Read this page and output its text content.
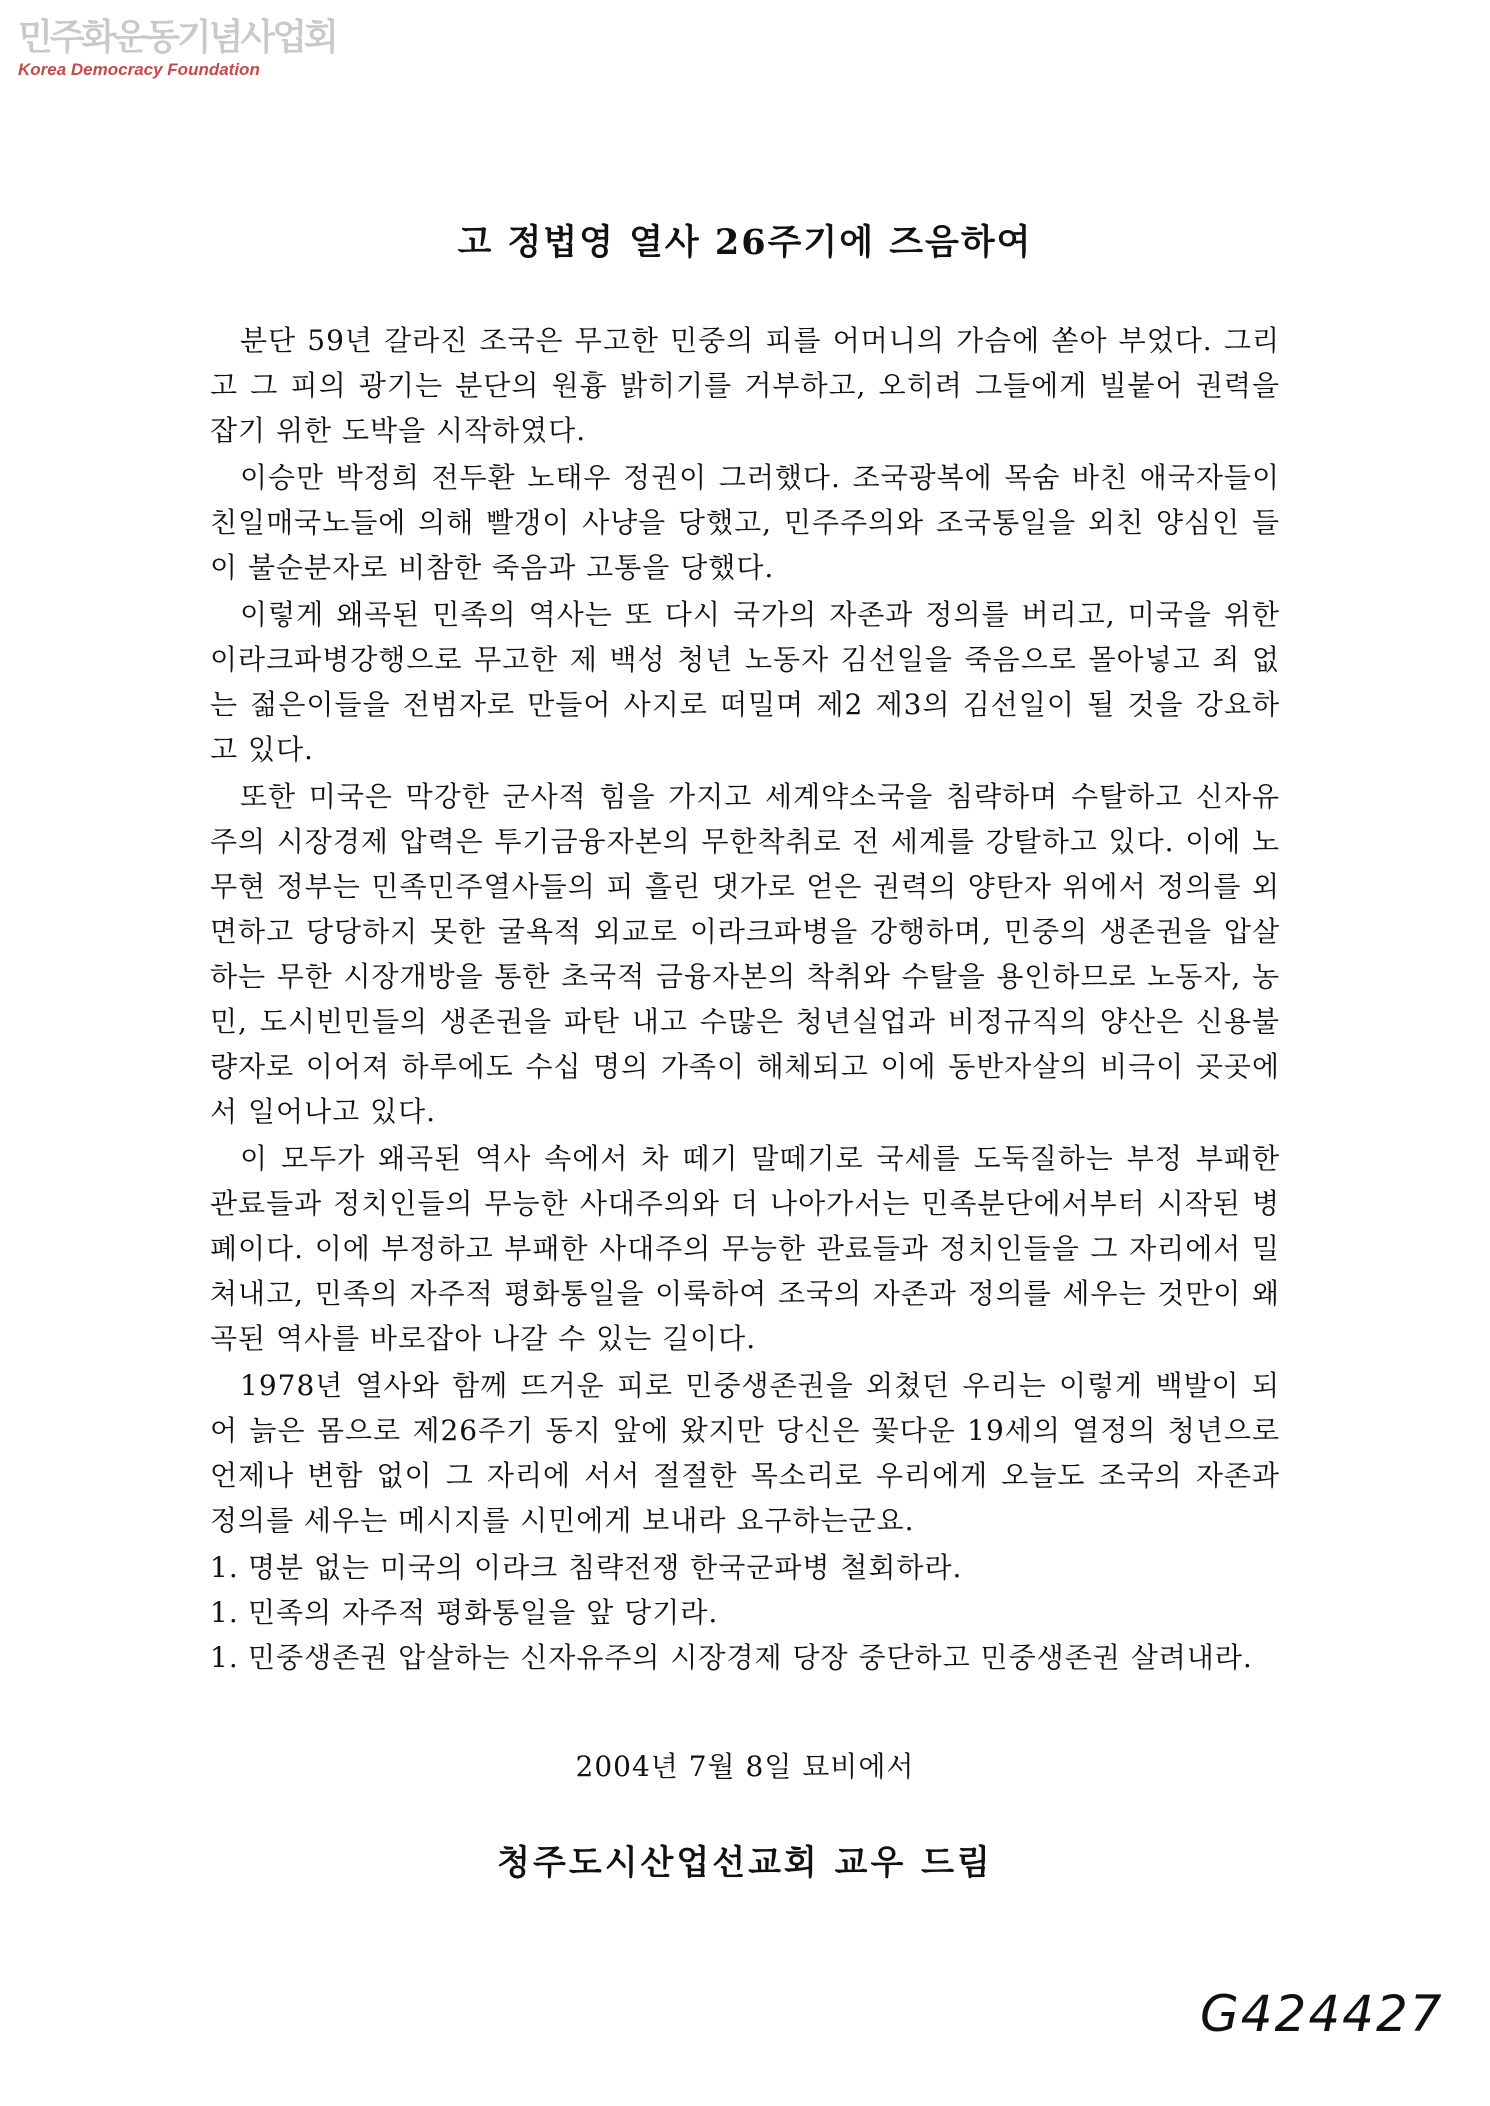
민주화운동기념사업회
Korea Democracy Foundation
고 정법영 열사 26주기에 즈음하여

분단 59년 갈라진 조국은 무고한 민중의 피를 어머니의 가슴에 쏟아 부었다. 그리고 그 피의 광기는 분단의 원흉 밝히기를 거부하고, 오히려 그들에게 빌붙어 권력을 잡기 위한 도박을 시작하였다.

이승만 박정희 전두환 노태우 정권이 그러했다. 조국광복에 목숨 바친 애국자들이 친일매국노들에 의해 빨갱이 사냥을 당했고, 민주주의와 조국통일을 외친 양심인 들이 불순분자로 비참한 죽음과 고통을 당했다.

이렇게 왜곡된 민족의 역사는 또 다시 국가의 자존과 정의를 버리고, 미국을 위한 이라크파병강행으로 무고한 제 백성 청년 노동자 김선일을 죽음으로 몰아넣고 죄 없는 젊은이들을 전범자로 만들어 사지로 떠밀며 제2 제3의 김선일이 될 것을 강요하고 있다.

또한 미국은 막강한 군사적 힘을 가지고 세계약소국을 침략하며 수탈하고 신자유주의 시장경제 압력은 투기금융자본의 무한착취로 전 세계를 강탈하고 있다. 이에 노무현 정부는 민족민주열사들의 피 흘린 댓가로 얻은 권력의 양탄자 위에서 정의를 외면하고 당당하지 못한 굴욕적 외교로 이라크파병을 강행하며, 민중의 생존권을 압살하는 무한 시장개방을 통한 초국적 금융자본의 착취와 수탈을 용인하므로 노동자, 농민, 도시빈민들의 생존권을 파탄 내고 수많은 청년실업과 비정규직의 양산은 신용불량자로 이어져 하루에도 수십 명의 가족이 해체되고 이에 동반자살의 비극이 곳곳에서 일어나고 있다.

이 모두가 왜곡된 역사 속에서 차 떼기 말떼기로 국세를 도둑질하는 부정 부패한 관료들과 정치인들의 무능한 사대주의와 더 나아가서는 민족분단에서부터 시작된 병폐이다. 이에 부정하고 부패한 사대주의 무능한 관료들과 정치인들을 그 자리에서 밀쳐내고, 민족의 자주적 평화통일을 이룩하여 조국의 자존과 정의를 세우는 것만이 왜곡된 역사를 바로잡아 나갈 수 있는 길이다.

1978년 열사와 함께 뜨거운 피로 민중생존권을 외쳤던 우리는 이렇게 백발이 되어 늙은 몸으로 제26주기 동지 앞에 왔지만 당신은 꽃다운 19세의 열정의 청년으로 언제나 변함 없이 그 자리에 서서 절절한 목소리로 우리에게 오늘도 조국의 자존과 정의를 세우는 메시지를 시민에게 보내라 요구하는군요.

1. 명분 없는 미국의 이라크 침략전쟁 한국군파병 철회하라.
1. 민족의 자주적 평화통일을 앞 당기라.
1. 민중생존권 압살하는 신자유주의 시장경제 당장 중단하고 민중생존권 살려내라.
2004년 7월 8일 묘비에서
청주도시산업선교회 교우 드림
G424427
